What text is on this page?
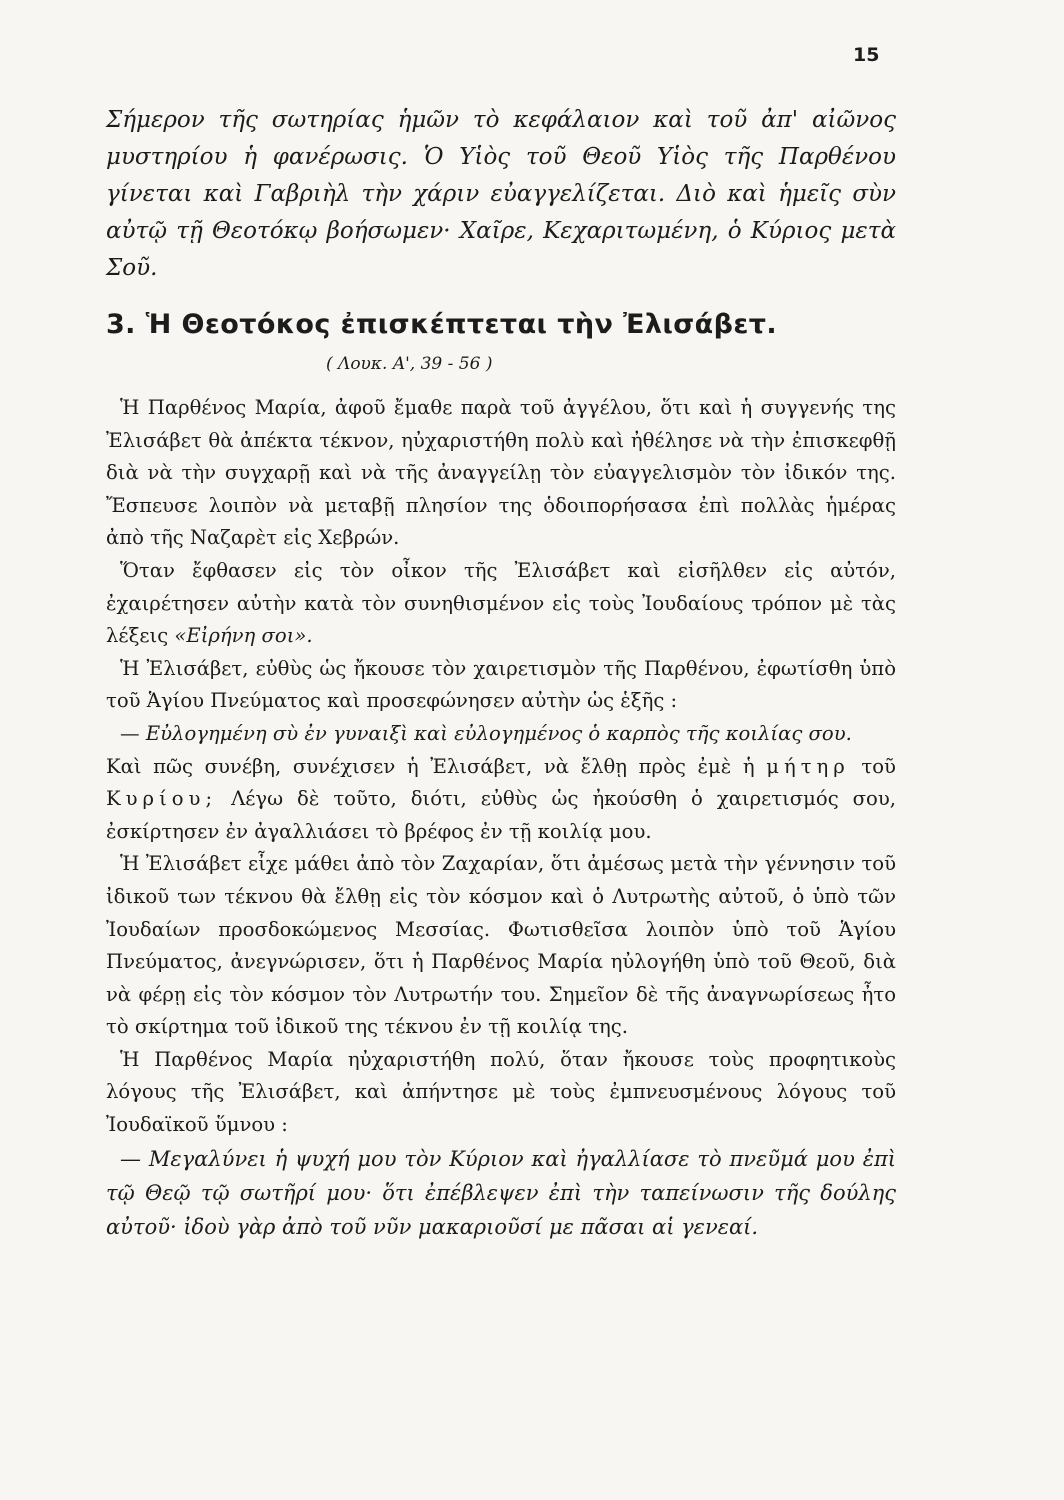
15

Σήμερον τῆς σωτηρίας ἡμῶν τὸ κεφάλαιον καὶ τοῦ ἀπ' αἰῶνος μυστηρίου ἡ φανέρωσις. Ὁ Υἱὸς τοῦ Θεοῦ Υἱὸς τῆς Παρθένου γίνεται καὶ Γαβριὴλ τὴν χάριν εὐαγγελίζεται. Διὸ καὶ ἡμεῖς σὺν αὐτῷ τῇ Θεοτόκῳ βοήσωμεν· Χαῖρε, Κεχαριτωμένη, ὁ Κύριος μετὰ Σοῦ.

3. Ἡ Θεοτόκος ἐπισκέπτεται τὴν Ἐλισάβετ.
( Λουκ. Α', 39 - 56 )

Ἡ Παρθένος Μαρία, ἀφοῦ ἔμαθε παρὰ τοῦ ἀγγέλου, ὅτι καὶ ἡ συγγενής της Ἐλισάβετ θὰ ἀπέκτα τέκνον, ηὐχαριστήθη πολὺ καὶ ἠθέλησε νὰ τὴν ἐπισκεφθῇ διὰ νὰ τὴν συγχαρῇ καὶ νὰ τῆς ἀναγγείλῃ τὸν εὐαγγελισμὸν τὸν ἰδικόν της. Ἔσπευσε λοιπὸν νὰ μεταβῇ πλησίον της ὁδοιπορήσασα ἐπὶ πολλὰς ἡμέρας ἀπὸ τῆς Ναζαρὲτ εἰς Χεβρών.

Ὅταν ἔφθασεν εἰς τὸν οἶκον τῆς Ἐλισάβετ καὶ εἰσῆλθεν εἰς αὐτόν, ἐχαιρέτησεν αὐτὴν κατὰ τὸν συνηθισμένον εἰς τοὺς Ἰουδαίους τρόπον μὲ τὰς λέξεις «Εἰρήνη σοι».

Ἡ Ἐλισάβετ, εὐθὺς ὡς ἤκουσε τὸν χαιρετισμὸν τῆς Παρθένου, ἐφωτίσθη ὑπὸ τοῦ Ἁγίου Πνεύματος καὶ προσεφώνησεν αὐτὴν ὡς ἑξῆς :

— Εὐλογημένη σὺ ἐν γυναιξὶ καὶ εὐλογημένος ὁ καρπὸς τῆς κοιλίας σου.

Καὶ πῶς συνέβη, συνέχισεν ἡ Ἐλισάβετ, νὰ ἔλθῃ πρὸς ἐμὲ ἡ μήτηρ τοῦ Κυρίου; Λέγω δὲ τοῦτο, διότι, εὐθὺς ὡς ἠκούσθη ὁ χαιρετισμός σου, ἐσκίρτησεν ἐν ἀγαλλιάσει τὸ βρέφος ἐν τῇ κοιλίᾳ μου.

Ἡ Ἐλισάβετ εἶχε μάθει ἀπὸ τὸν Ζαχαρίαν, ὅτι ἀμέσως μετὰ τὴν γέννησιν τοῦ ἰδικοῦ των τέκνου θὰ ἔλθῃ εἰς τὸν κόσμον καὶ ὁ Λυτρωτὴς αὐτοῦ, ὁ ὑπὸ τῶν Ἰουδαίων προσδοκώμενος Μεσσίας. Φωτισθεῖσα λοιπὸν ὑπὸ τοῦ Ἁγίου Πνεύματος, ἀνεγνώρισεν, ὅτι ἡ Παρθένος Μαρία ηὐλογήθη ὑπὸ τοῦ Θεοῦ, διὰ νὰ φέρῃ εἰς τὸν κόσμον τὸν Λυτρωτήν του. Σημεῖον δὲ τῆς ἀναγνωρίσεως ἦτο τὸ σκίρτημα τοῦ ἰδικοῦ της τέκνου ἐν τῇ κοιλίᾳ της.

Ἡ Παρθένος Μαρία ηὐχαριστήθη πολύ, ὅταν ἤκουσε τοὺς προφητικοὺς λόγους τῆς Ἐλισάβετ, καὶ ἀπήντησε μὲ τοὺς ἐμπνευσμένους λόγους τοῦ Ἰουδαϊκοῦ ὕμνου :

— Μεγαλύνει ἡ ψυχή μου τὸν Κύριον καὶ ἠγαλλίασε τὸ πνεῦμά μου ἐπὶ τῷ Θεῷ τῷ σωτῆρί μου· ὅτι ἐπέβλεψεν ἐπὶ τὴν ταπείνωσιν τῆς δούλης αὐτοῦ· ἰδοὺ γὰρ ἀπὸ τοῦ νῦν μακαριοῦσί με πᾶσαι αἱ γενεαί.
